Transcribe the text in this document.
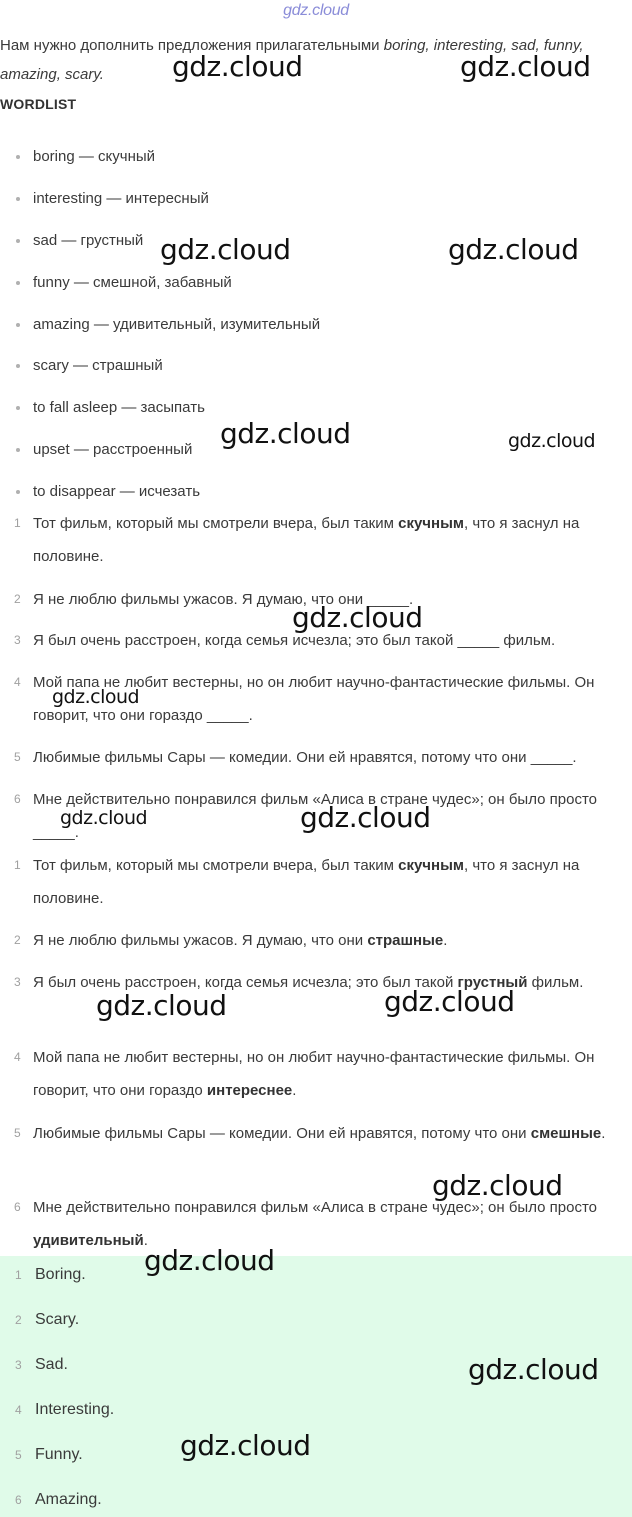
gdz.cloud
Нам нужно дополнить предложения прилагательными boring, interesting, sad, funny, amazing, scary.
WORDLIST
boring — скучный
interesting — интересный
sad — грустный
funny — смешной, забавный
amazing — удивительный, изумительный
scary — страшный
to fall asleep — засыпать
upset — расстроенный
to disappear — исчезать
1 Тот фильм, который мы смотрели вчера, был таким скучным, что я заснул на половине.
2 Я не люблю фильмы ужасов. Я думаю, что они _____.
3 Я был очень расстроен, когда семья исчезла; это был такой _____ фильм.
4 Мой папа не любит вестерны, но он любит научно-фантастические фильмы. Он говорит, что они гораздо _____.
5 Любимые фильмы Сары — комедии. Они ей нравятся, потому что они _____.
6 Мне действительно понравился фильм «Алиса в стране чудес»; он было просто _____.
1 Тот фильм, который мы смотрели вчера, был таким скучным, что я заснул на половине.
2 Я не люблю фильмы ужасов. Я думаю, что они страшные.
3 Я был очень расстроен, когда семья исчезла; это был такой грустный фильм.
4 Мой папа не любит вестерны, но он любит научно-фантастические фильмы. Он говорит, что они гораздо интереснее.
5 Любимые фильмы Сары — комедии. Они ей нравятся, потому что они смешные.
6 Мне действительно понравился фильм «Алиса в стране чудес»; он было просто удивительный.
1 Boring.
2 Scary.
3 Sad.
4 Interesting.
5 Funny.
6 Amazing.
gdz.cloud	gdz.cloud
gdz.cloud	gdz.cloud
gdz.cloud	gdz.cloud
gdz.cloud
gdz.cloud
gdz.cloud	gdz.cloud
gdz.cloud	gdz.cloud
gdz.cloud
gdz.cloud
gdz.cloud
gdz.cloud
